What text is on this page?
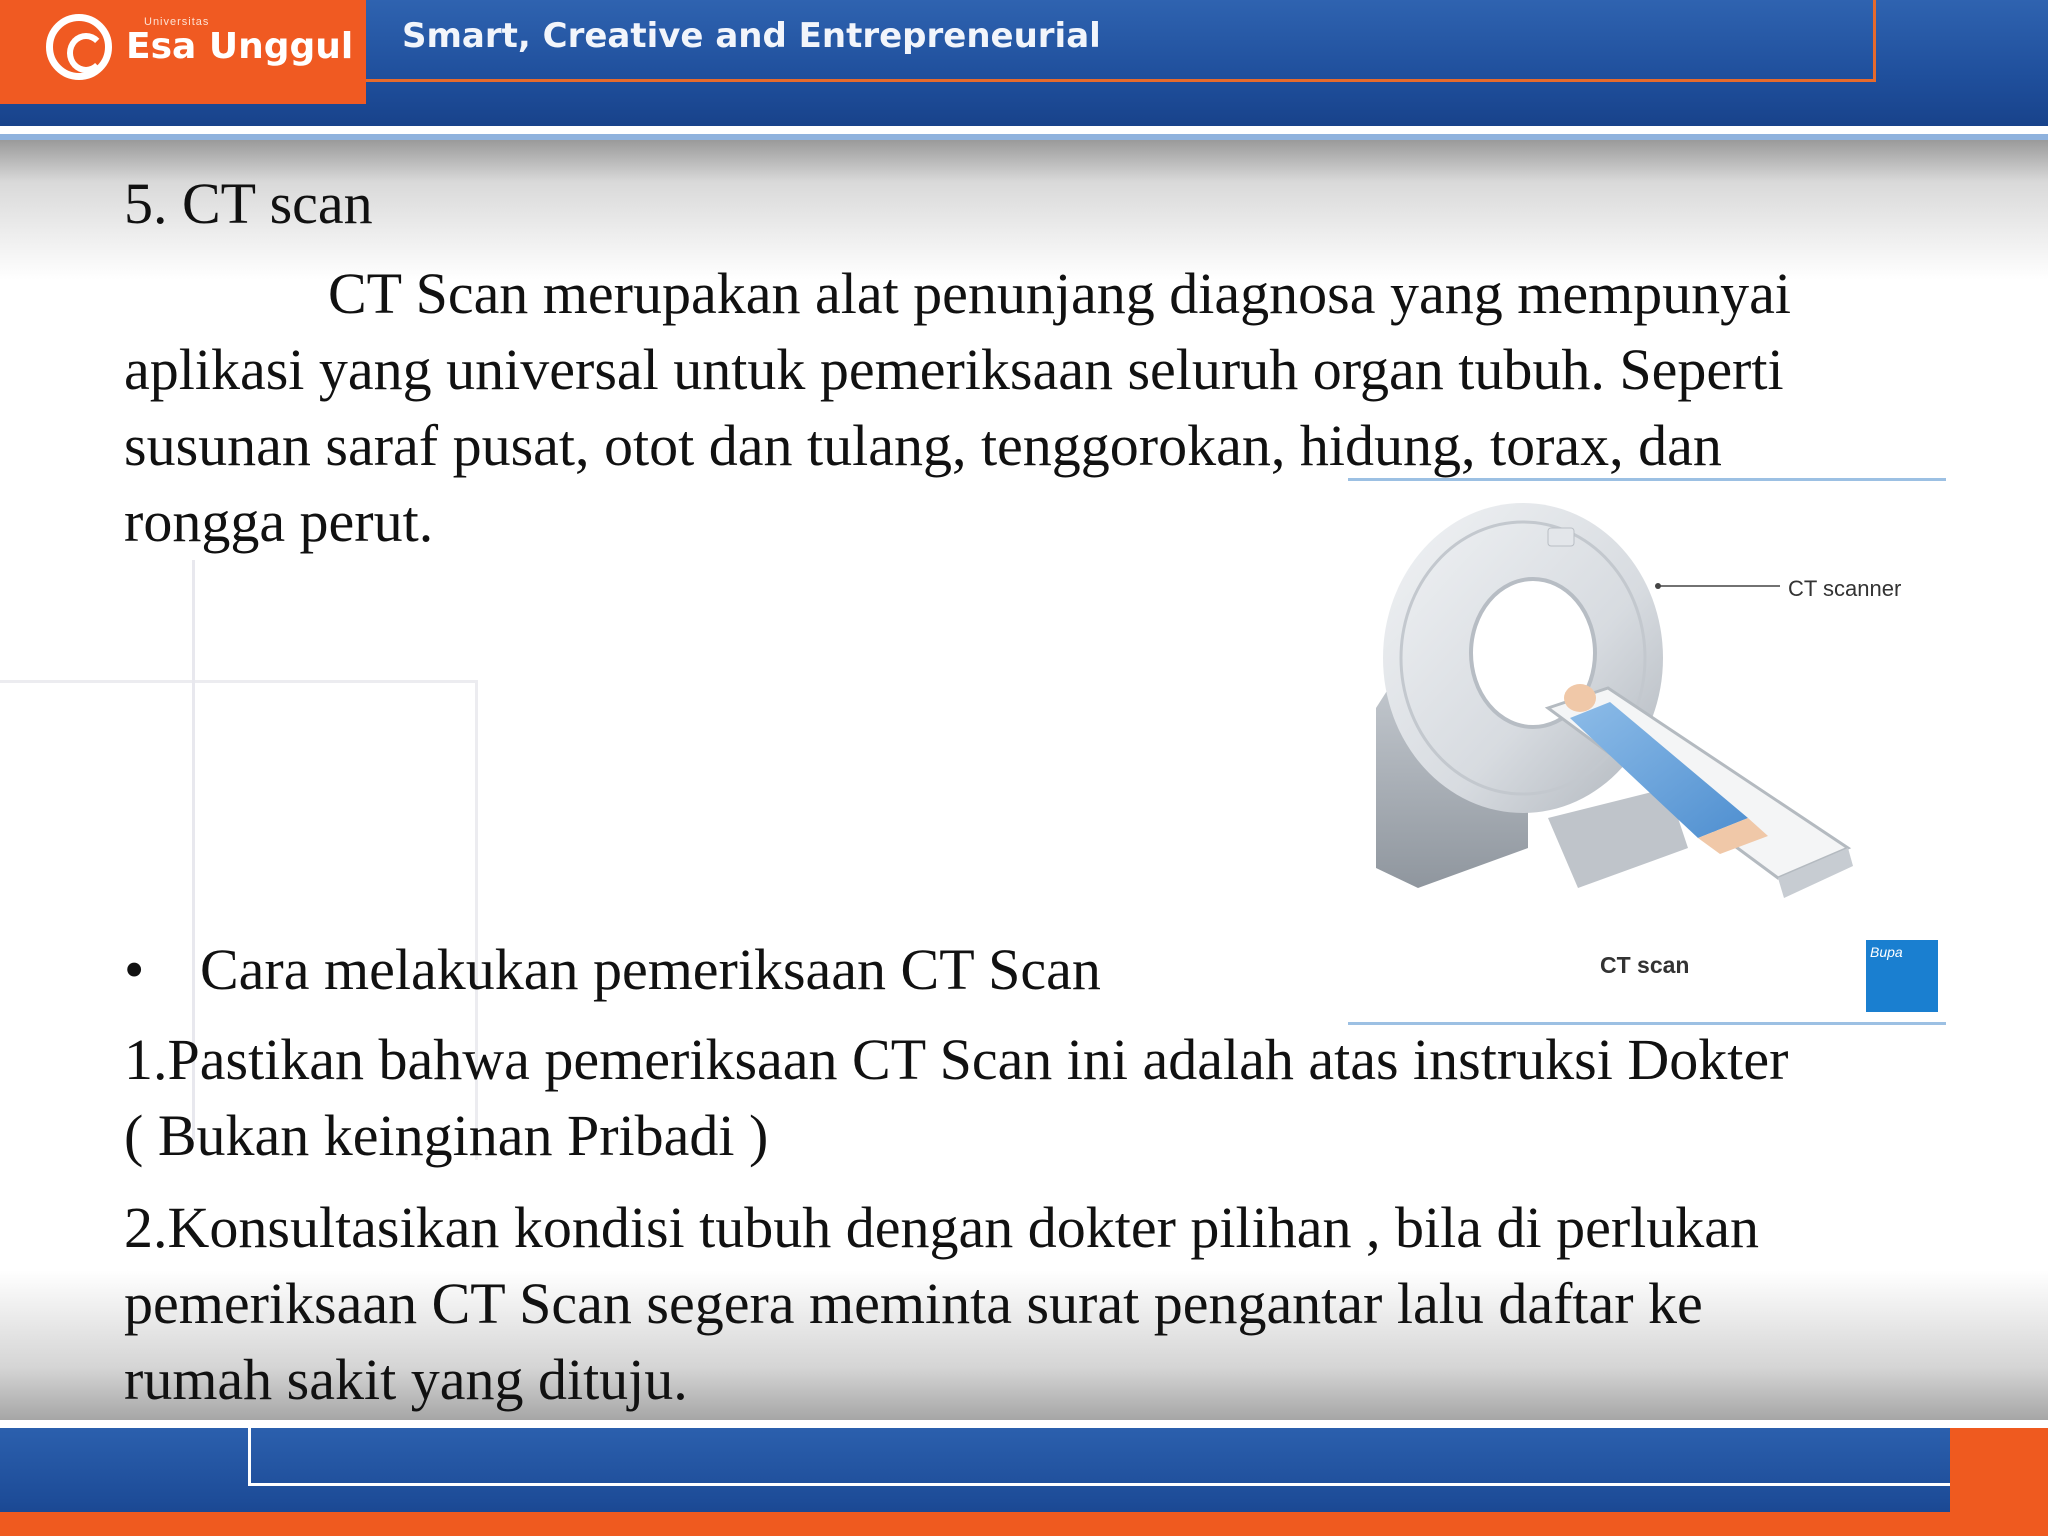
Universitas
Esa Unggul Smart, Creative and Entrepreneurial
5. CT scan
CT Scan merupakan alat penunjang diagnosa yang mempunyai
aplikasi yang universal untuk pemeriksaan seluruh organ tubuh. Seperti
susunan saraf pusat, otot dan tulang, tenggorokan, hidung, torax, dan
rongga perut.
CT scanner
CT scan	Bupa
• Cara melakukan pemeriksaan CT Scan
1.Pastikan bahwa pemeriksaan CT Scan ini adalah atas instruksi Dokter
( Bukan keinginan Pribadi )
2.Konsultasikan kondisi tubuh dengan dokter pilihan , bila di perlukan
pemeriksaan CT Scan segera meminta surat pengantar lalu daftar ke
rumah sakit yang dituju.
